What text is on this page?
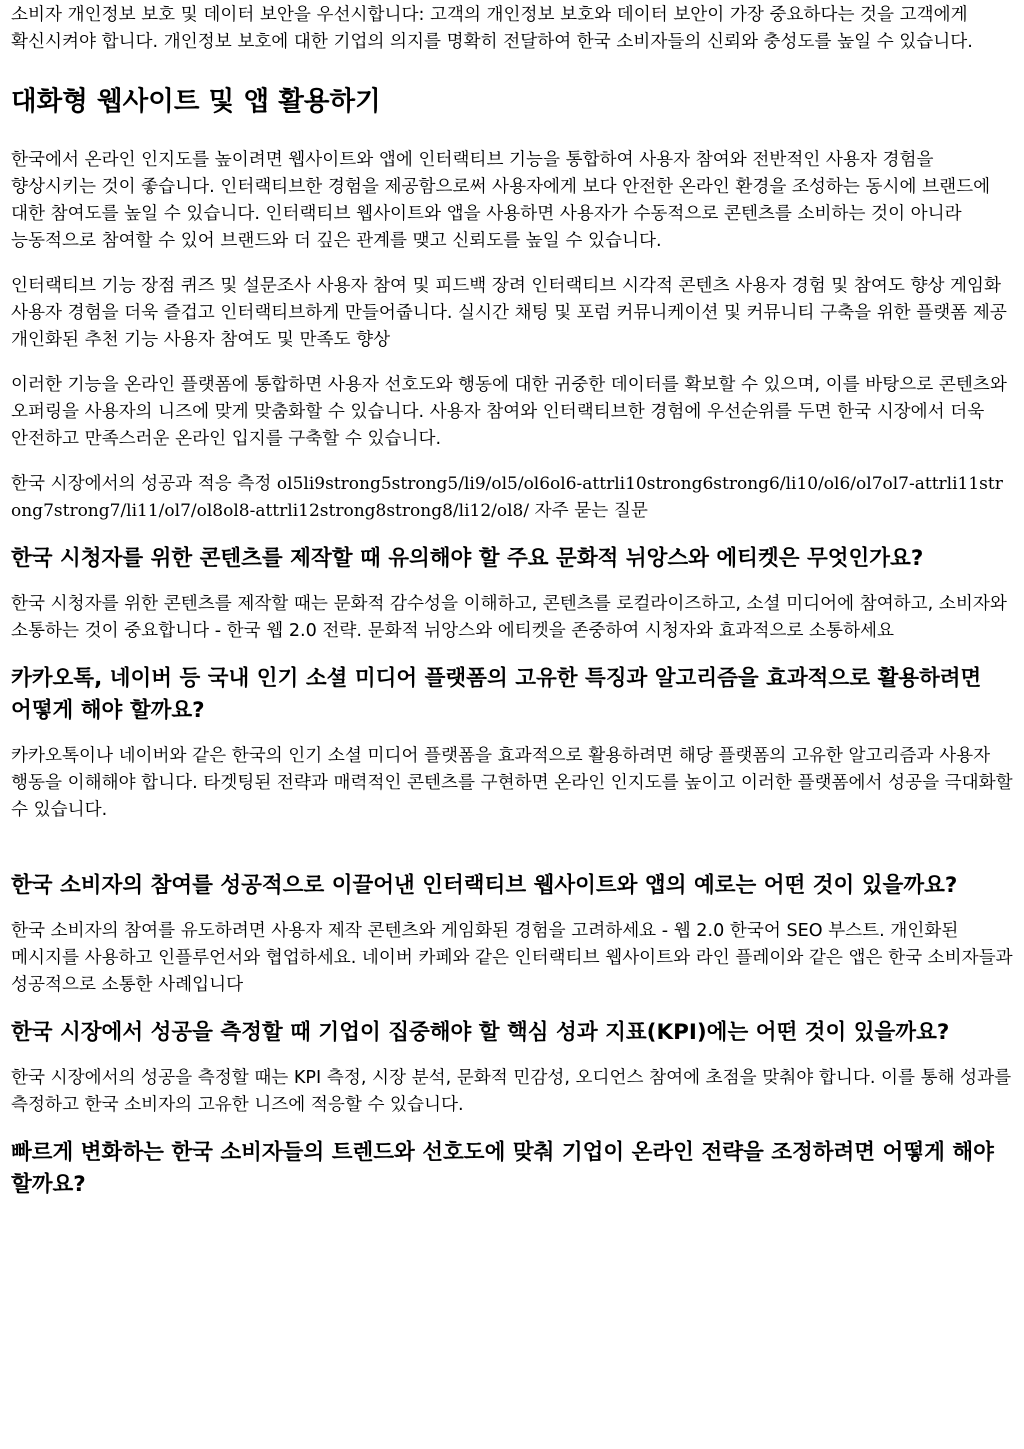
소비자 개인정보 보호 및 데이터 보안을 우선시합니다: 고객의 개인정보 보호와 데이터 보안이 가장 중요하다는 것을 고객에게 확신시켜야 합니다. 개인정보 보호에 대한 기업의 의지를 명확히 전달하여 한국 소비자들의 신뢰와 충성도를 높일 수 있습니다.

대화형 웹사이트 및 앱 활용하기

한국에서 온라인 인지도를 높이려면 웹사이트와 앱에 인터랙티브 기능을 통합하여 사용자 참여와 전반적인 사용자 경험을 향상시키는 것이 좋습니다. 인터랙티브한 경험을 제공함으로써 사용자에게 보다 안전한 온라인 환경을 조성하는 동시에 브랜드에 대한 참여도를 높일 수 있습니다. 인터랙티브 웹사이트와 앱을 사용하면 사용자가 수동적으로 콘텐츠를 소비하는 것이 아니라 능동적으로 참여할 수 있어 브랜드와 더 깊은 관계를 맺고 신뢰도를 높일 수 있습니다.

인터랙티브 기능 장점 퀴즈 및 설문조사 사용자 참여 및 피드백 장려 인터랙티브 시각적 콘텐츠 사용자 경험 및 참여도 향상 게임화 사용자 경험을 더욱 즐겁고 인터랙티브하게 만들어줍니다. 실시간 채팅 및 포럼 커뮤니케이션 및 커뮤니티 구축을 위한 플랫폼 제공 개인화된 추천 기능 사용자 참여도 및 만족도 향상

이러한 기능을 온라인 플랫폼에 통합하면 사용자 선호도와 행동에 대한 귀중한 데이터를 확보할 수 있으며, 이를 바탕으로 콘텐츠와 오퍼링을 사용자의 니즈에 맞게 맞춤화할 수 있습니다. 사용자 참여와 인터랙티브한 경험에 우선순위를 두면 한국 시장에서 더욱 안전하고 만족스러운 온라인 입지를 구축할 수 있습니다.

한국 시장에서의 성공과 적응 측정 ol5li9strong5strong5/li9/ol5/ol6ol6-attrli10strong6strong6/li10/ol6/ol7ol7-attrli11strong7strong7/li11/ol7/ol8ol8-attrli12strong8strong8/li12/ol8/ 자주 묻는 질문

한국 시청자를 위한 콘텐츠를 제작할 때 유의해야 할 주요 문화적 뉘앙스와 에티켓은 무엇인가요?

한국 시청자를 위한 콘텐츠를 제작할 때는 문화적 감수성을 이해하고, 콘텐츠를 로컬라이즈하고, 소셜 미디어에 참여하고, 소비자와 소통하는 것이 중요합니다 - 한국 웹 2.0 전략. 문화적 뉘앙스와 에티켓을 존중하여 시청자와 효과적으로 소통하세요

카카오톡, 네이버 등 국내 인기 소셜 미디어 플랫폼의 고유한 특징과 알고리즘을 효과적으로 활용하려면 어떻게 해야 할까요?

카카오톡이나 네이버와 같은 한국의 인기 소셜 미디어 플랫폼을 효과적으로 활용하려면 해당 플랫폼의 고유한 알고리즘과 사용자 행동을 이해해야 합니다. 타겟팅된 전략과 매력적인 콘텐츠를 구현하면 온라인 인지도를 높이고 이러한 플랫폼에서 성공을 극대화할 수 있습니다.

한국 소비자의 참여를 성공적으로 이끌어낸 인터랙티브 웹사이트와 앱의 예로는 어떤 것이 있을까요?

한국 소비자의 참여를 유도하려면 사용자 제작 콘텐츠와 게임화된 경험을 고려하세요 - 웹 2.0 한국어 SEO 부스트. 개인화된 메시지를 사용하고 인플루언서와 협업하세요. 네이버 카페와 같은 인터랙티브 웹사이트와 라인 플레이와 같은 앱은 한국 소비자들과 성공적으로 소통한 사례입니다

한국 시장에서 성공을 측정할 때 기업이 집중해야 할 핵심 성과 지표(KPI)에는 어떤 것이 있을까요?

한국 시장에서의 성공을 측정할 때는 KPI 측정, 시장 분석, 문화적 민감성, 오디언스 참여에 초점을 맞춰야 합니다. 이를 통해 성과를 측정하고 한국 소비자의 고유한 니즈에 적응할 수 있습니다.

빠르게 변화하는 한국 소비자들의 트렌드와 선호도에 맞춰 기업이 온라인 전략을 조정하려면 어떻게 해야 할까요?
